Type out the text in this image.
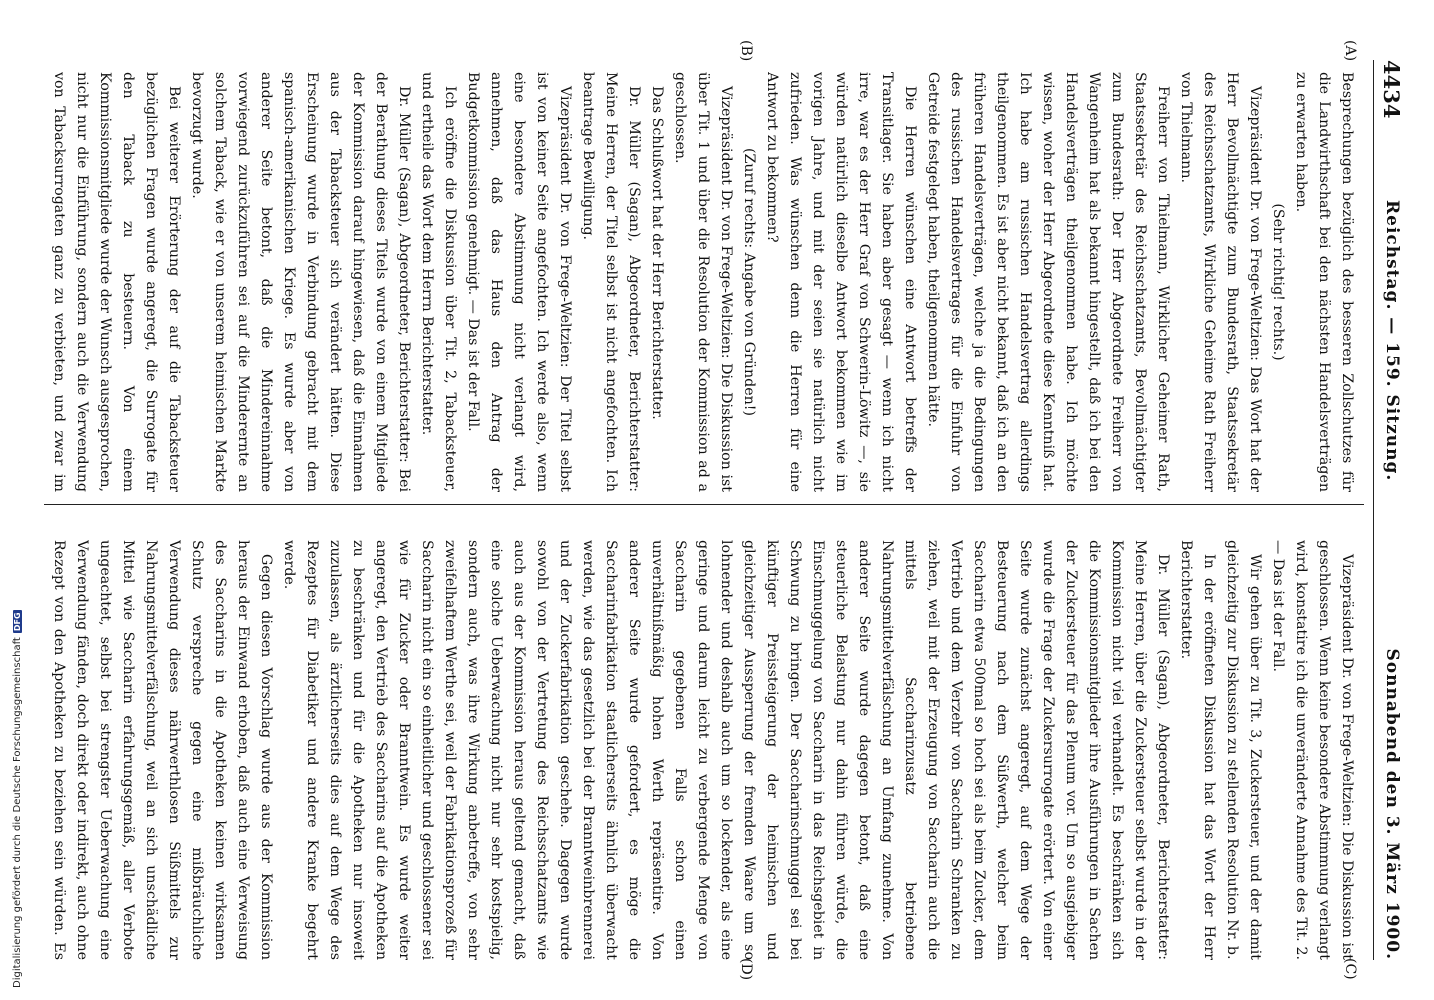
4434
Reichstag. — 159. Sitzung.
Sonnabend den 3. März 1900.
(A)
(B)
(C)
(D)

Besprechungen bezüglich des besseren Zollschutzes für die Landwirthschaft bei den nächsten Handelsverträgen zu erwarten haben.

(Sehr richtig! rechts.)

Vizepräsident Dr. von Frege-Weltzien: Das Wort hat der Herr Bevollmächtigte zum Bundesrath, Staatssekretär des Reichsschatzamts, Wirkliche Geheime Rath Freiherr von Thielmann.

Freiherr von Thielmann, Wirklicher Geheimer Rath, Staatssekretär des Reichsschatzamts, Bevollmächtigter zum Bundesrath: Der Herr Abgeordnete Freiherr von Wangenheim hat als bekannt hingestellt, daß ich bei den Handelsverträgen theilgenommen habe. Ich möchte wissen, woher der Herr Abgeordnete diese Kenntniß hat. Ich habe am russischen Handelsvertrag allerdings theilgenommen. Es ist aber nicht bekannt, daß ich an den früheren Handelsverträgen, welche ja die Bedingungen des russischen Handelsvertrages für die Einfuhr von Getreide festgelegt haben, theilgenommen hätte.

Die Herren wünschen eine Antwort betreffs der Transitlager. Sie haben aber gesagt — wenn ich nicht irre, war es der Herr Graf von Schwerin-Löwitz —, sie würden natürlich dieselbe Antwort bekommen wie im vorigen Jahre, und mit der seien sie natürlich nicht zufrieden. Was wünschen denn die Herren für eine Antwort zu bekommen?

(Zuruf rechts: Angabe von Gründen!)

Vizepräsident Dr. von Frege-Weltzien: Die Diskussion ist über Tit. 1 und über die Resolution der Kommission ad a geschlossen.

Das Schlußwort hat der Herr Berichterstatter.

Dr. Müller (Sagan), Abgeordneter, Berichterstatter: Meine Herren, der Titel selbst ist nicht angefochten. Ich beantrage Bewilligung.

Vizepräsident Dr. von Frege-Weltzien: Der Titel selbst ist von keiner Seite angefochten. Ich werde also, wenn eine besondere Abstimmung nicht verlangt wird, annehmen, daß das Haus den Antrag der Budgetkommission genehmigt. — Das ist der Fall.

Ich eröffne die Diskussion über Tit. 2, Tabacksteuer, und ertheile das Wort dem Herrn Berichterstatter.

Dr. Müller (Sagan), Abgeordneter, Berichterstatter: Bei der Berathung dieses Titels wurde von einem Mitgliede der Kommission darauf hingewiesen, daß die Einnahmen aus der Tabacksteuer sich verändert hätten. Diese Erscheinung wurde in Verbindung gebracht mit dem spanisch-amerikanischen Kriege. Es wurde aber von anderer Seite betont, daß die Mindereinnahme vorwiegend zurückzuführen sei auf die Minderernte an solchem Taback, wie er von unserem heimischen Markte bevorzugt wurde.

Bei weiterer Erörterung der auf die Tabacksteuer bezüglichen Fragen wurde angeregt, die Surrogate für den Taback zu besteuern. Von einem Kommissionsmitgliede wurde der Wunsch ausgesprochen, nicht nur die Einführung, sondern auch die Verwendung von Tabacksurrogaten ganz zu verbieten, und zwar im

Vizepräsident Dr. von Frege-Weltzien: Die Diskussion ist geschlossen. Wenn keine besondere Abstimmung verlangt wird, konstatire ich die unveränderte Annahme des Tit. 2. — Das ist der Fall.

Wir gehen über zu Tit. 3, Zuckersteuer, und der damit gleichzeitig zur Diskussion zu stellenden Resolution Nr. b.

In der eröffneten Diskussion hat das Wort der Herr Berichterstatter.

Dr. Müller (Sagan), Abgeordneter, Berichterstatter: Meine Herren, über die Zuckersteuer selbst wurde in der Kommission nicht viel verhandelt. Es beschränken sich die Kommissionsmitglieder ihre Ausführungen in Sachen der Zuckersteuer für das Plenum vor. Um so ausgiebiger wurde die Frage der Zuckersurrogate erörtert. Von einer Seite wurde zunächst angeregt, auf dem Wege der Besteuerung nach dem Süßwerth, welcher beim Saccharin etwa 500mal so hoch sei als beim Zucker, dem Vertrieb und dem Verzehr von Saccharin Schranken zu ziehen, weil mit der Erzeugung von Saccharin auch die mittels Saccharinzusatz betriebene Nahrungsmittelverfälschung an Umfang zunehme. Von anderer Seite wurde dagegen betont, daß eine steuerliche Belastung nur dahin führen würde, die Einschmuggelung von Saccharin in das Reichsgebiet in Schwung zu bringen. Der Saccharinschmuggel sei bei künftiger Preissteigerung der heimischen und gleichzeitiger Aussperrung der fremden Waare um so lohnender und deshalb auch um so lockender, als eine geringe und darum leicht zu verbergende Menge von Saccharin gegebenen Falls schon einen unverhältnißmäßig hohen Werth repräsentire. Von anderer Seite wurde gefordert, es möge die Saccharinfabrikation staatlicherseits ähnlich überwacht werden, wie das gesetzlich bei der Branntweinbrennerei und der Zuckerfabrikation geschehe. Dagegen wurde sowohl von der Vertretung des Reichsschatzamts wie auch aus der Kommission heraus geltend gemacht, daß eine solche Ueberwachung nicht nur sehr kostspielig, sondern auch, was ihre Wirkung anbetreffe, von sehr zweifelhaftem Werthe sei, weil der Fabrikationsprozeß für Saccharin nicht ein so einheitlicher und geschlossener sei wie für Zucker oder Branntwein. Es wurde weiter angeregt, den Vertrieb des Saccharins auf die Apotheken zu beschränken und für die Apotheken nur insoweit zuzulassen, als ärztlicherseits dies auf dem Wege des Rezeptes für Diabetiker und andere Kranke begehrt werde.

Gegen diesen Vorschlag wurde aus der Kommission heraus der Einwand erhoben, daß auch eine Verweisung des Saccharins in die Apotheken keinen wirksamen Schutz verspreche gegen eine mißbräuchliche Verwendung dieses nährwerthlosen Süßmittels zur Nahrungsmittelverfälschung, weil an sich unschädliche Mittel wie Saccharin erfahrungsgemäß, aller Verbote ungeachtet, selbst bei strengster Ueberwachung eine Verwendung fänden, doch direkt oder indirekt, auch ohne Rezept von den Apotheken zu beziehen sein würden. Es

Digitalisierung gefördert durch die Deutsche ForschungsgemeinschaftDFG
